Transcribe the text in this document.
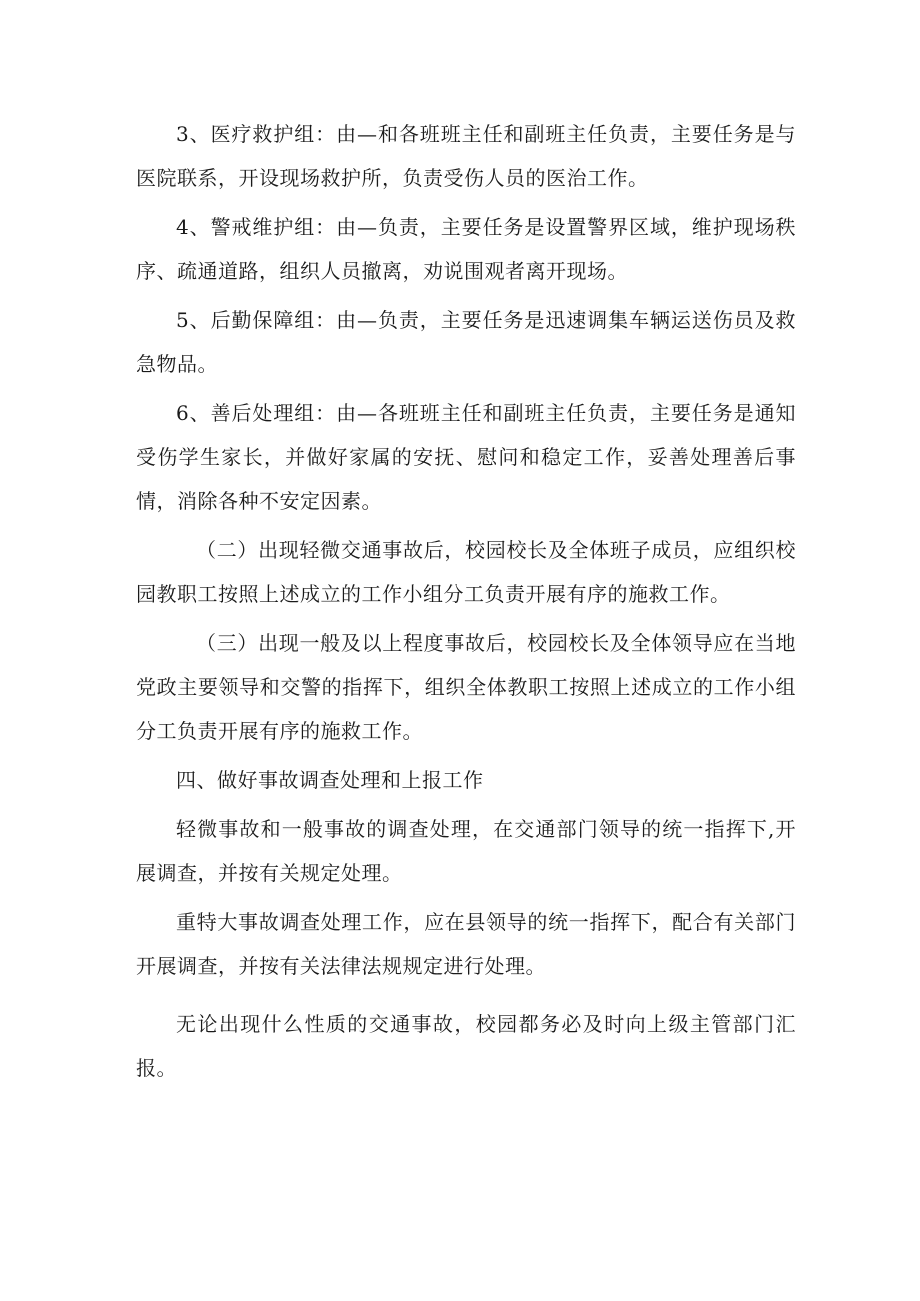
3、医疗救护组：由—和各班班主任和副班主任负责，主要任务是与医院联系，开设现场救护所，负责受伤人员的医治工作。

4、警戒维护组：由—负责，主要任务是设置警界区域，维护现场秩序、疏通道路，组织人员撤离，劝说围观者离开现场。

5、后勤保障组：由—负责，主要任务是迅速调集车辆运送伤员及救急物品。

6、善后处理组：由—各班班主任和副班主任负责，主要任务是通知受伤学生家长，并做好家属的安抚、慰问和稳定工作，妥善处理善后事情，消除各种不安定因素。

（二）出现轻微交通事故后，校园校长及全体班子成员，应组织校园教职工按照上述成立的工作小组分工负责开展有序的施救工作。

（三）出现一般及以上程度事故后，校园校长及全体领导应在当地党政主要领导和交警的指挥下，组织全体教职工按照上述成立的工作小组分工负责开展有序的施救工作。

四、做好事故调查处理和上报工作

轻微事故和一般事故的调查处理，在交通部门领导的统一指挥下,开展调查，并按有关规定处理。

重特大事故调查处理工作，应在县领导的统一指挥下，配合有关部门开展调查，并按有关法律法规规定进行处理。

无论出现什么性质的交通事故，校园都务必及时向上级主管部门汇报。
